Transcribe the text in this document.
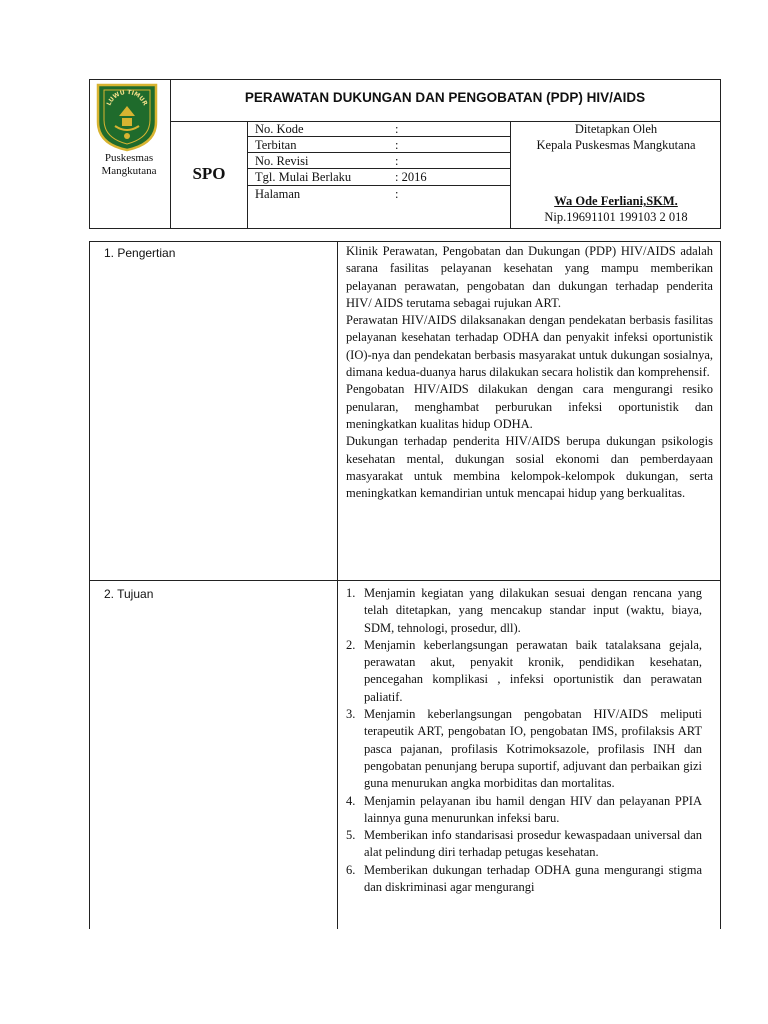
LUWU TIMUR
Puskesmas Mangkutana
PERAWATAN DUKUNGAN DAN PENGOBATAN (PDP) HIV/AIDS
SPO
No. Kode	:
Terbitan	:
No. Revisi	:
Tgl. Mulai Berlaku	: 2016
Halaman	:
Ditetapkan Oleh
Kepala Puskesmas Mangkutana
Wa Ode Ferliani,SKM.
Nip.19691101 199103 2 018
1. Pengertian	Klinik Perawatan, Pengobatan dan Dukungan (PDP) HIV/AIDS adalah sarana fasilitas pelayanan kesehatan yang mampu memberikan pelayanan perawatan, pengobatan dan dukungan terhadap penderita HIV/ AIDS terutama sebagai rujukan ART.

Perawatan HIV/AIDS dilaksanakan dengan pendekatan berbasis fasilitas pelayanan kesehatan terhadap ODHA dan penyakit infeksi oportunistik (IO)-nya dan pendekatan berbasis masyarakat untuk dukungan sosialnya, dimana kedua-duanya harus dilakukan secara holistik dan komprehensif.

Pengobatan HIV/AIDS dilakukan dengan cara mengurangi resiko penularan, menghambat perburukan infeksi oportunistik dan meningkatkan kualitas hidup ODHA.

Dukungan terhadap penderita HIV/AIDS berupa dukungan psikologis kesehatan mental, dukungan sosial ekonomi dan pemberdayaan masyarakat untuk membina kelompok-kelompok dukungan, serta meningkatkan kemandirian untuk mencapai hidup yang berkualitas.

2. Tujuan	1. Menjamin kegiatan yang dilakukan sesuai dengan rencana yang telah ditetapkan, yang mencakup standar input (waktu, biaya, SDM, tehnologi, prosedur, dll).
2. Menjamin keberlangsungan perawatan baik tatalaksana gejala, perawatan akut, penyakit kronik, pendidikan kesehatan, pencegahan komplikasi , infeksi oportunistik dan perawatan paliatif.
3. Menjamin keberlangsungan pengobatan HIV/AIDS meliputi terapeutik ART, pengobatan IO, pengobatan IMS, profilaksis ART pasca pajanan, profilasis Kotrimoksazole, profilasis INH dan pengobatan penunjang berupa suportif, adjuvant dan perbaikan gizi guna menurukan angka morbiditas dan mortalitas.
4. Menjamin pelayanan ibu hamil dengan HIV dan pelayanan PPIA lainnya guna menurunkan infeksi baru.
5. Memberikan info standarisasi prosedur kewaspadaan universal dan alat pelindung diri terhadap petugas kesehatan.
6. Memberikan dukungan terhadap ODHA guna mengurangi stigma dan diskriminasi agar mengurangi
